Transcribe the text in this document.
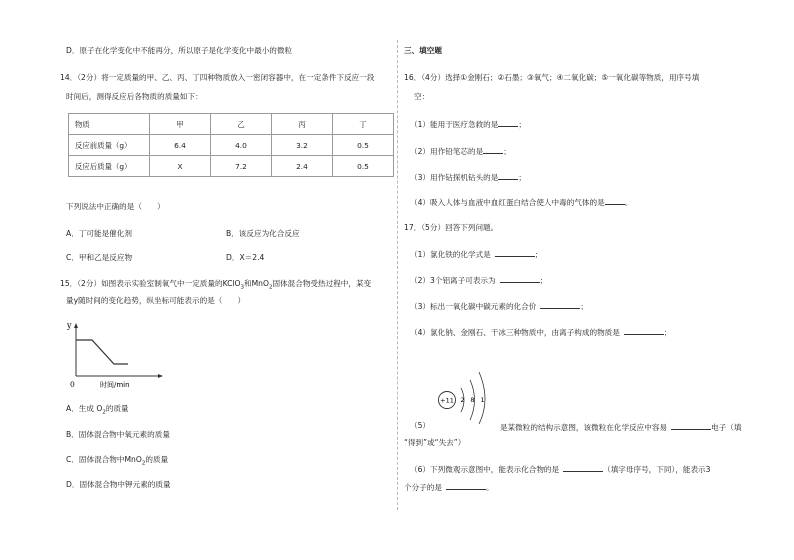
D．原子在化学变化中不能再分，所以原子是化学变化中最小的微粒
14．（2分）将一定质量的甲、乙、丙、丁四种物质放入一密闭容器中，在一定条件下反应一段
时间后，测得反应后各物质的质量如下：
物质	甲	乙	丙	丁
反应前质量（g）	6.4	4.0	3.2	0.5
反应后质量（g）	X	7.2	2.4	0.5
下列说法中正确的是（　　）
A．丁可能是催化剂	B．该反应为化合反应
C．甲和乙是反应物	D．X＝2.4
15．（2分）如图表示实验室制氧气中一定质量的KClO$_3$和MnO$_2$固体混合物受热过程中，某变
量y随时间的变化趋势，纵坐标可能表示的是（　　）
y
0	时间/min
A．生成 $O_2$的质量
B．固体混合物中氧元素的质量
C．固体混合物中MnO$_2$的质量
D．固体混合物中钾元素的质量
三、填空题
16．（4分）选择①金刚石；②石墨；③氧气；④二氧化碳；⑤一氧化碳等物质，用序号填
空：
（1）能用于医疗急救的是	；
（2）用作铅笔芯的是	；
（3）用作钻探机钻头的是	；
（4）吸入人体与血液中血红蛋白结合使人中毒的气体的是	。
17．（5分）回答下列问题。
（1）氯化铁的化学式是	；
（2）3个铝离子可表示为	；
（3）标出一氧化碳中碳元素的化合价	；
（4）氯化钠、金刚石、干冰三种物质中，由离子构成的物质是	；
+11 2 8 1
（5）	是某微粒的结构示意图，该微粒在化学反应中容易	电子（填
“得到”或“失去”）
（6）下列微观示意图中，能表示化合物的是	（填字母序号，下同），能表示3
个分子的是	。
